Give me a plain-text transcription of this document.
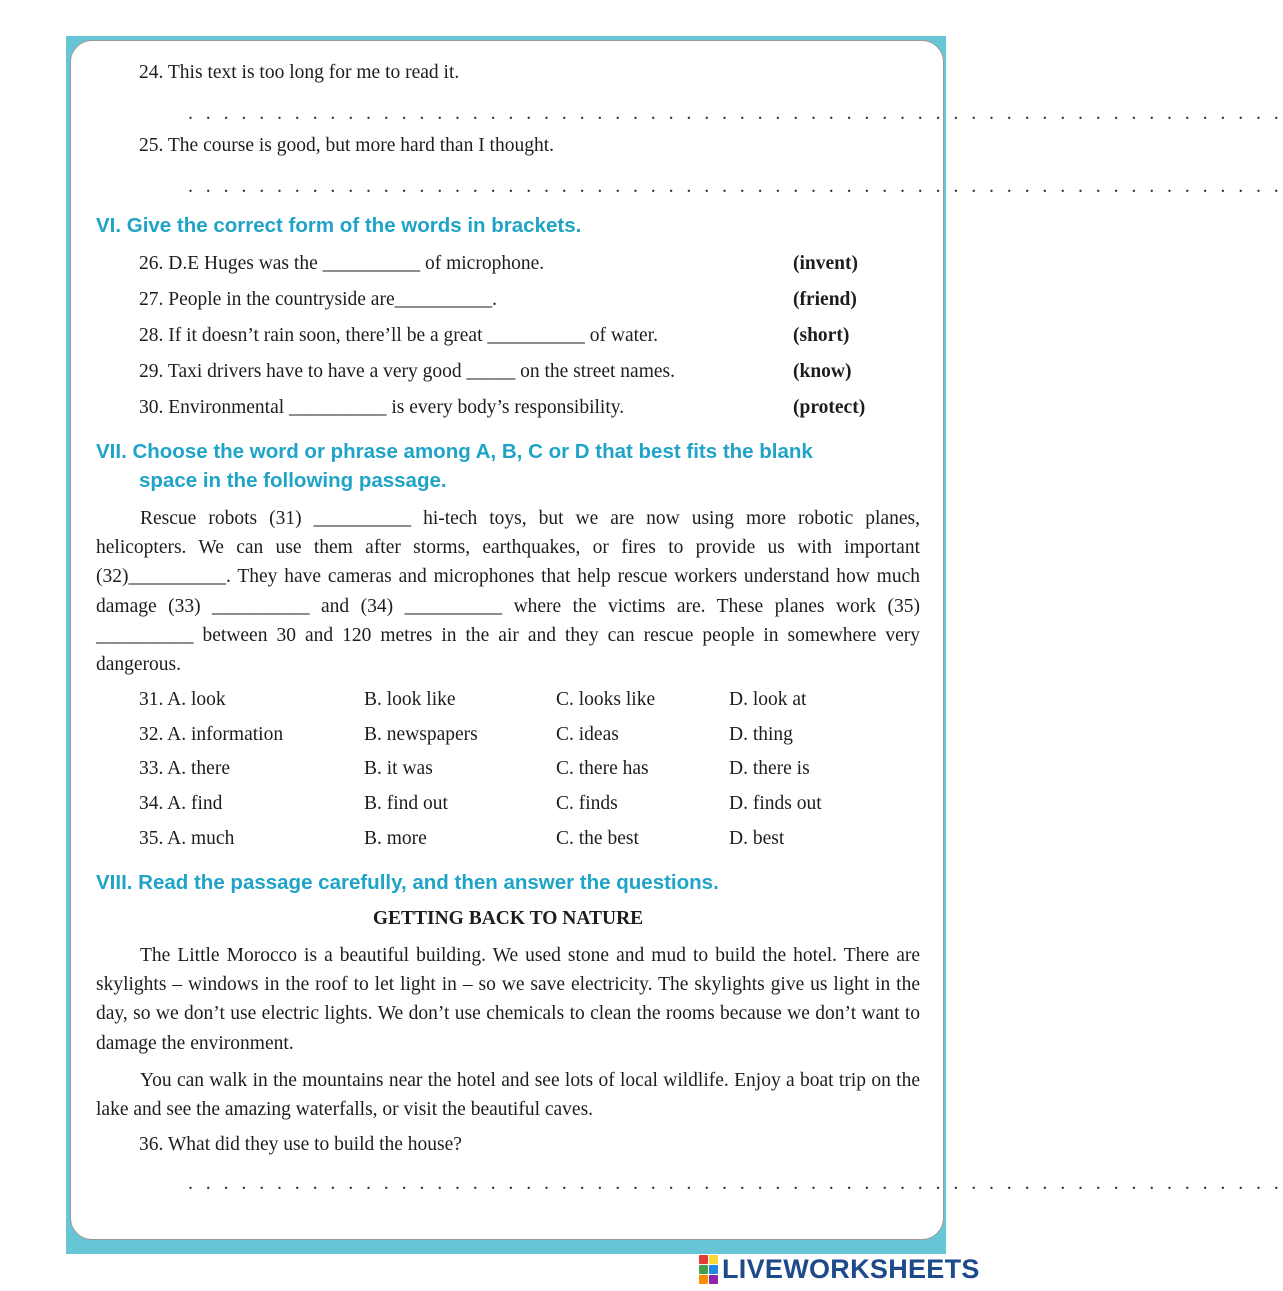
24. This text is too long for me to read it.
. . . . . . . . . . . . . . . . . . . . . . . . . . . . . . . . . . . . . . . . . . . . . . . . . . . . . . . . . . . . . .
25. The course is good, but more hard than I thought.
. . . . . . . . . . . . . . . . . . . . . . . . . . . . . . . . . . . . . . . . . . . . . . . . . . . . . . . . . . . . . .
VI. Give the correct form of the words in brackets.
26. D.E Huges was the __________ of microphone.	(invent)
27. People in the countryside are__________.	(friend)
28. If it doesn’t rain soon, there’ll be a great __________ of water.	(short)
29. Taxi drivers have to have a very good _____ on the street names.	(know)
30. Environmental __________ is every body’s responsibility.	(protect)
VII. Choose the word or phrase among A, B, C or D that best fits the blank
space in the following passage.
Rescue robots (31) __________ hi-tech toys, but we are now using more robotic planes, helicopters. We can use them after storms, earthquakes, or fires to provide us with important (32)__________. They have cameras and microphones that help rescue workers understand how much damage (33) __________ and (34) __________ where the victims are. These planes work (35) __________ between 30 and 120 metres in the air and they can rescue people in somewhere very dangerous.
31. A. look	B. look like	C. looks like	D. look at
32. A. information	B. newspapers	C. ideas	D. thing
33. A. there	B. it was	C. there has	D. there is
34. A. find	B. find out	C. finds	D. finds out
35. A. much	B. more	C. the best	D. best
VIII. Read the passage carefully, and then answer the questions.
GETTING BACK TO NATURE
The Little Morocco is a beautiful building. We used stone and mud to build the hotel. There are skylights – windows in the roof to let light in – so we save electricity. The skylights give us light in the day, so we don’t use electric lights. We don’t use chemicals to clean the rooms because we don’t want to damage the environment.
You can walk in the mountains near the hotel and see lots of local wildlife. Enjoy a boat trip on the lake and see the amazing waterfalls, or visit the beautiful caves.
36. What did they use to build the house?
. . . . . . . . . . . . . . . . . . . . . . . . . . . . . . . . . . . . . . . . . . . . . . . . . . . . . . . . . . . . . .
LIVEWORKSHEETS
